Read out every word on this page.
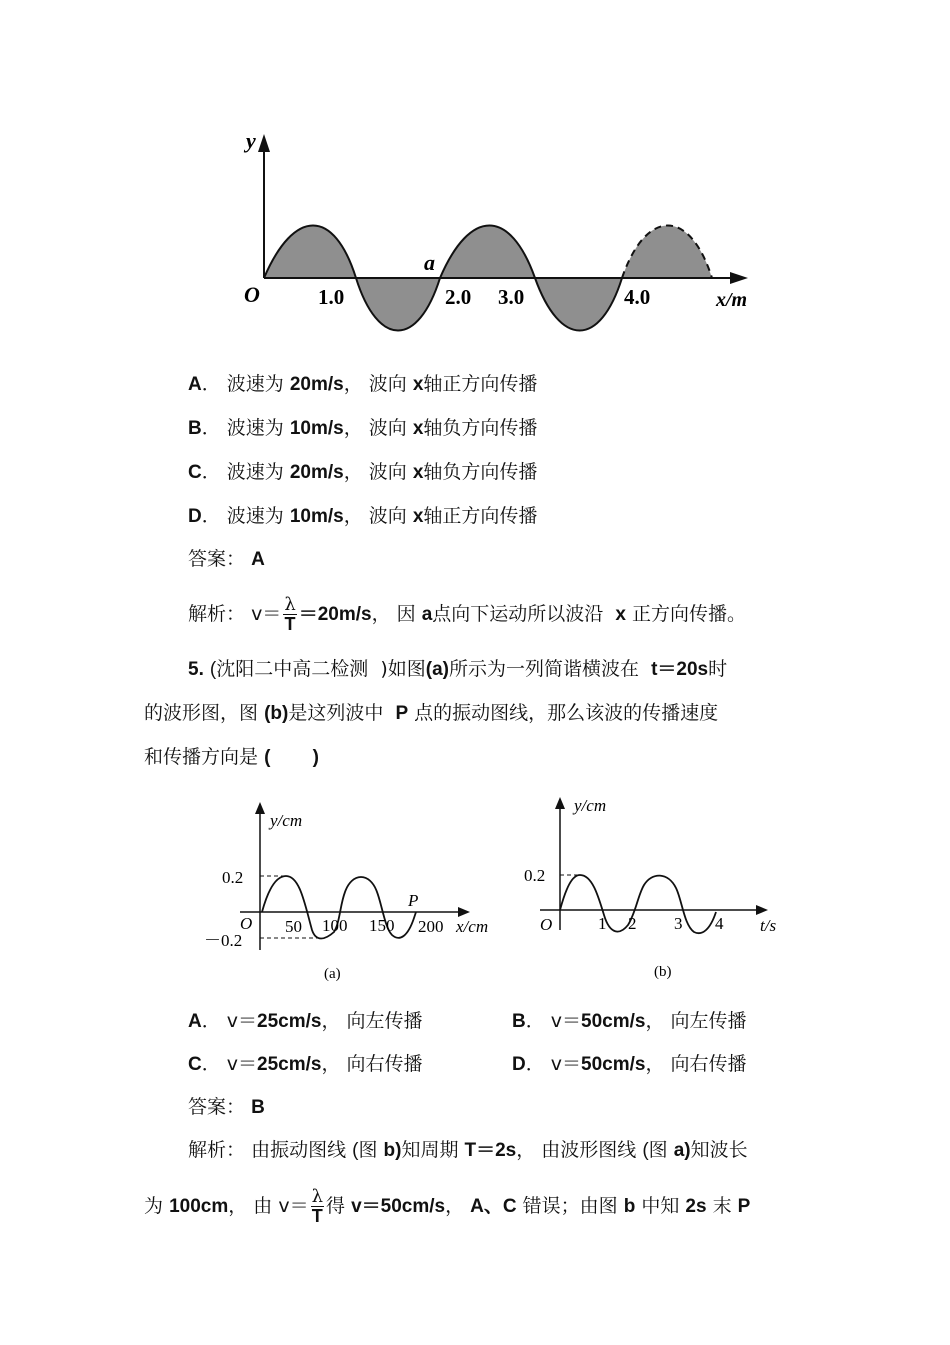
y
O	1.0	2.0 3.0	4.0
a
x/m
A． 波速为 20m/s， 波向 x轴正方向传播
B． 波速为 10m/s， 波向 x轴负方向传播
C． 波速为 20m/s， 波向 x轴负方向传播
D． 波速为 10m/s， 波向 x轴正方向传播
答案： A
解析： $v= \frac{\lambda}{T} =20m/s$， 因 a点向下运动所以波沿 x 正方向传播。
5. (沈阳二中高二检测 )如图(a)所示为一列简谐横波在 t＝20s时
的波形图，图 (b)是这列波中 P 点的振动图线，那么该波的传播速度
和传播方向是 (        )
y/cm
0.2
－0.2
O 50 100 150 200
P
x/cm
(a)
y/cm
0.2
O	1 2 3 4 t/s
(b)
A． v＝25cm/s， 向左传播	B． v＝50cm/s， 向左传播
C． v＝25cm/s， 向右传播	D． v＝50cm/s， 向右传播
答案： B
解析： 由振动图线 (图 b)知周期 T＝2s， 由波形图线 (图 a)知波长
为 100cm， 由 $v= \frac{\lambda}{T}$ 得 v＝50cm/s， A、C 错误；由图 b 中知 2s 末 P
